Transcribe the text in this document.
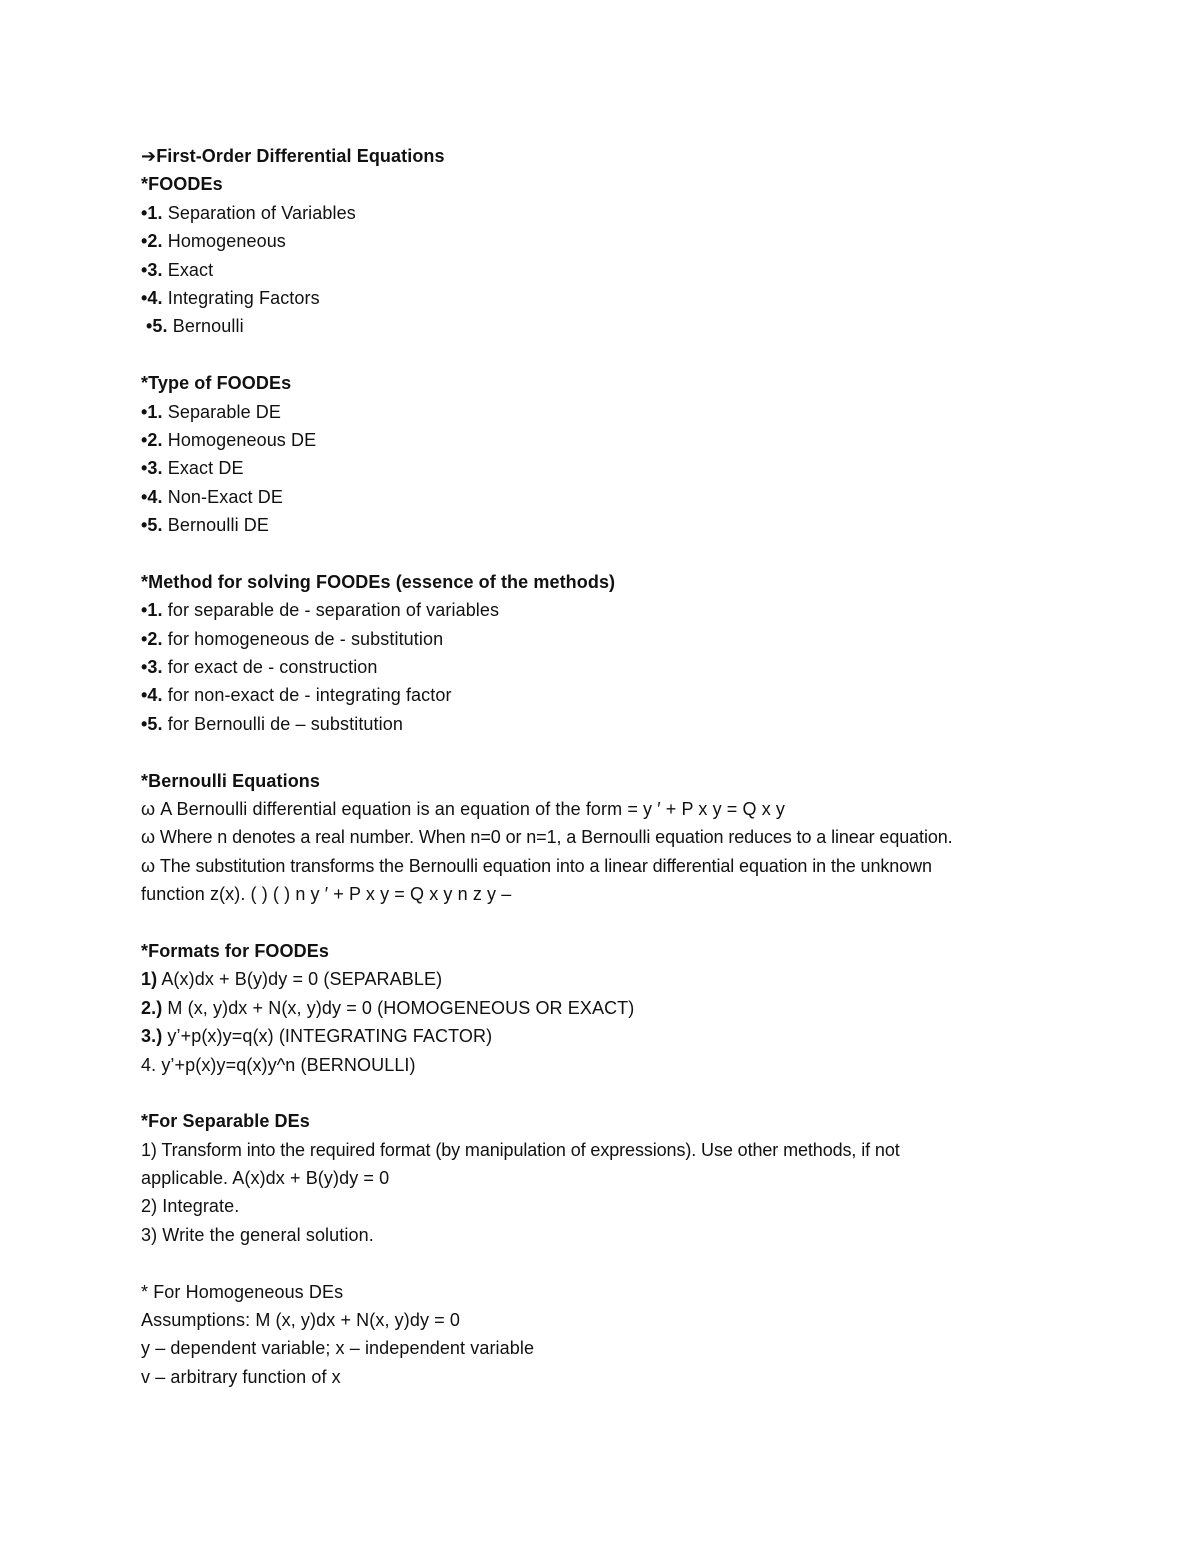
➔First-Order Differential Equations
*FOODEs
•1. Separation of Variables
•2. Homogeneous
•3. Exact
•4. Integrating Factors
•5. Bernoulli
*Type of FOODEs
•1. Separable DE
•2. Homogeneous DE
•3. Exact DE
•4. Non-Exact DE
•5. Bernoulli DE
*Method for solving FOODEs (essence of the methods)
•1. for separable de - separation of variables
•2. for homogeneous de - substitution
•3. for exact de - construction
•4. for non-exact de - integrating factor
•5. for Bernoulli de – substitution
*Bernoulli Equations
ω A Bernoulli differential equation is an equation of the form = y ′ + P x y = Q x y
ω Where n denotes a real number. When n=0 or n=1, a Bernoulli equation reduces to a linear equation.
ω The substitution transforms the Bernoulli equation into a linear differential equation in the unknown
function z(x). ( ) ( ) n y ′ + P x y = Q x y n z y –
*Formats for FOODEs
1) A(x)dx + B(y)dy = 0 (SEPARABLE)
2.) M (x, y)dx + N(x, y)dy = 0 (HOMOGENEOUS OR EXACT)
3.) y’+p(x)y=q(x) (INTEGRATING FACTOR)
4. y’+p(x)y=q(x)y^n (BERNOULLI)
*For Separable DEs
1) Transform into the required format (by manipulation of expressions). Use other methods, if not
applicable. A(x)dx + B(y)dy = 0
2) Integrate.
3) Write the general solution.
* For Homogeneous DEs
Assumptions: M (x, y)dx + N(x, y)dy = 0
y – dependent variable; x – independent variable
v – arbitrary function of x
